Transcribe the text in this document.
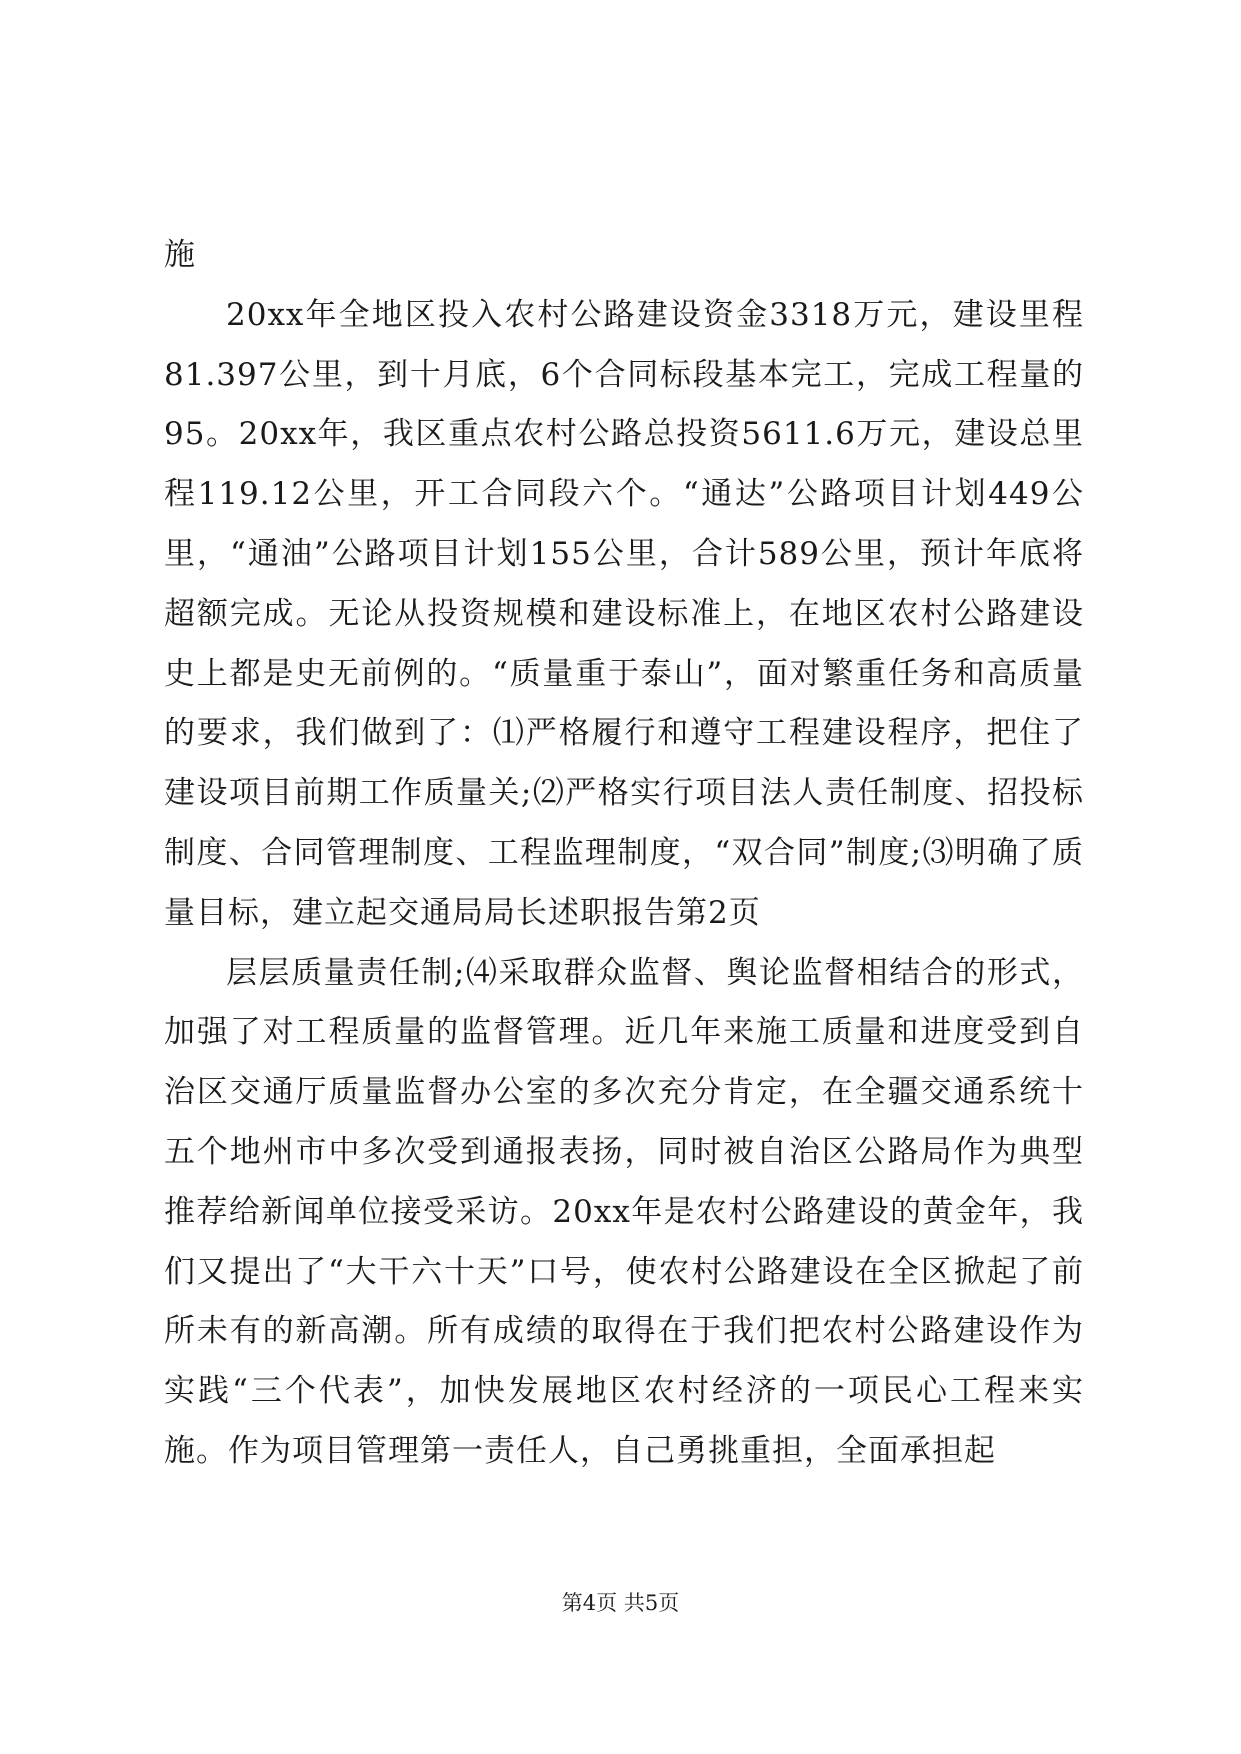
施

20xx年全地区投入农村公路建设资金3318万元，建设里程81.397公里，到十月底，6个合同标段基本完工，完成工程量的95。20xx年，我区重点农村公路总投资5611.6万元，建设总里程119.12公里，开工合同段六个。“通达”公路项目计划449公里，“通油”公路项目计划155公里，合计589公里，预计年底将超额完成。无论从投资规模和建设标准上，在地区农村公路建设史上都是史无前例的。“质量重于泰山”，面对繁重任务和高质量的要求，我们做到了：⑴严格履行和遵守工程建设程序，把住了建设项目前期工作质量关;⑵严格实行项目法人责任制度、招投标制度、合同管理制度、工程监理制度，“双合同”制度;⑶明确了质量目标，建立起交通局局长述职报告第2页

层层质量责任制;⑷采取群众监督、舆论监督相结合的形式，加强了对工程质量的监督管理。近几年来施工质量和进度受到自治区交通厅质量监督办公室的多次充分肯定，在全疆交通系统十五个地州市中多次受到通报表扬，同时被自治区公路局作为典型推荐给新闻单位接受采访。20xx年是农村公路建设的黄金年，我们又提出了“大干六十天”口号，使农村公路建设在全区掀起了前所未有的新高潮。所有成绩的取得在于我们把农村公路建设作为实践“三个代表”，加快发展地区农村经济的一项民心工程来实施。作为项目管理第一责任人，自己勇挑重担，全面承担起

第4页 共5页
